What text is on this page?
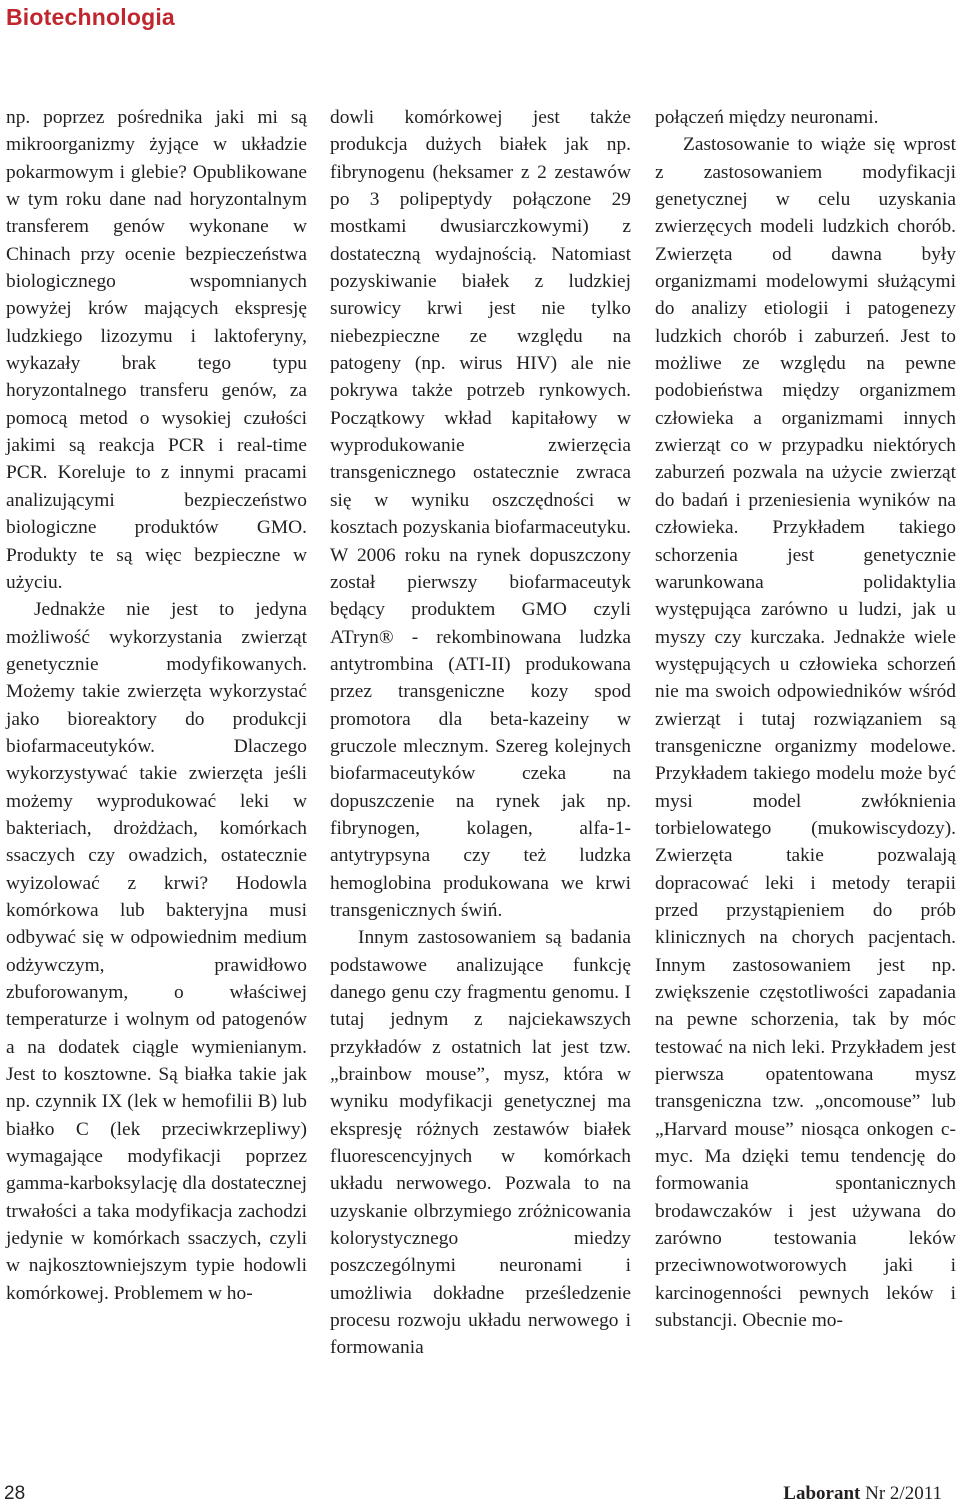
Biotechnologia

np. poprzez pośrednika jaki mi są mikroorganizmy żyjące w układzie pokarmowym i glebie? Opublikowane w tym roku dane nad horyzontalnym transferem genów wykonane w Chinach przy ocenie bezpieczeństwa biologicznego wspomnianych powyżej krów mających ekspresję ludzkiego lizozymu i laktoferyny, wykazały brak tego typu horyzontalnego transferu genów, za pomocą metod o wysokiej czułości jakimi są reakcja PCR i real-time PCR. Koreluje to z innymi pracami analizującymi bezpieczeństwo biologiczne produktów GMO. Produkty te są więc bezpieczne w użyciu.

Jednakże nie jest to jedyna możliwość wykorzystania zwierząt genetycznie modyfikowanych. Możemy takie zwierzęta wykorzystać jako bioreaktory do produkcji biofarmaceutyków. Dlaczego wykorzystywać takie zwierzęta jeśli możemy wyprodukować leki w bakteriach, drożdżach, komórkach ssaczych czy owadzich, ostatecznie wyizolować z krwi? Hodowla komórkowa lub bakteryjna musi odbywać się w odpowiednim medium odżywczym, prawidłowo zbuforowanym, o właściwej temperaturze i wolnym od patogenów a na dodatek ciągle wymienianym. Jest to kosztowne. Są białka takie jak np. czynnik IX (lek w hemofilii B) lub białko C (lek przeciwkrzepliwy) wymagające modyfikacji poprzez gamma-karboksylację dla dostatecznej trwałości a taka modyfikacja zachodzi jedynie w komórkach ssaczych, czyli w najkosztowniejszym typie hodowli komórkowej. Problemem w ho-

dowli komórkowej jest także produkcja dużych białek jak np. fibrynogenu (heksamer z 2 zestawów po 3 polipeptydy połączone 29 mostkami dwusiarczkowymi) z dostateczną wydajnością. Natomiast pozyskiwanie białek z ludzkiej surowicy krwi jest nie tylko niebezpieczne ze względu na patogeny (np. wirus HIV) ale nie pokrywa także potrzeb rynkowych. Początkowy wkład kapitałowy w wyprodukowanie zwierzęcia transgenicznego ostatecznie zwraca się w wyniku oszczędności w kosztach pozyskania biofarmaceutyku. W 2006 roku na rynek dopuszczony został pierwszy biofarmaceutyk będący produktem GMO czyli ATryn® - rekombinowana ludzka antytrombina (ATI-II) produkowana przez transgeniczne kozy spod promotora dla beta-kazeiny w gruczole mlecznym. Szereg kolejnych biofarmaceutyków czeka na dopuszczenie na rynek jak np. fibrynogen, kolagen, alfa-1-antytrypsyna czy też ludzka hemoglobina produkowana we krwi transgenicznych świń.

Innym zastosowaniem są badania podstawowe analizujące funkcję danego genu czy fragmentu genomu. I tutaj jednym z najciekawszych przykładów z ostatnich lat jest tzw. „brainbow mouse”, mysz, która w wyniku modyfikacji genetycznej ma ekspresję różnych zestawów białek fluorescencyjnych w komórkach układu nerwowego. Pozwala to na uzyskanie olbrzymiego zróżnicowania kolorystycznego miedzy poszczególnymi neuronami i umożliwia dokładne prześledzenie procesu rozwoju układu nerwowego i formowania

połączeń między neuronami.

Zastosowanie to wiąże się wprost z zastosowaniem modyfikacji genetycznej w celu uzyskania zwierzęcych modeli ludzkich chorób. Zwierzęta od dawna były organizmami modelowymi służącymi do analizy etiologii i patogenezy ludzkich chorób i zaburzeń. Jest to możliwe ze względu na pewne podobieństwa między organizmem człowieka a organizmami innych zwierząt co w przypadku niektórych zaburzeń pozwala na użycie zwierząt do badań i przeniesienia wyników na człowieka. Przykładem takiego schorzenia jest genetycznie warunkowana polidaktylia występująca zarówno u ludzi, jak u myszy czy kurczaka. Jednakże wiele występujących u człowieka schorzeń nie ma swoich odpowiedników wśród zwierząt i tutaj rozwiązaniem są transgeniczne organizmy modelowe. Przykładem takiego modelu może być mysi model zwłóknienia torbielowatego (mukowiscydozy). Zwierzęta takie pozwalają dopracować leki i metody terapii przed przystąpieniem do prób klinicznych na chorych pacjentach. Innym zastosowaniem jest np. zwiększenie częstotliwości zapadania na pewne schorzenia, tak by móc testować na nich leki. Przykładem jest pierwsza opatentowana mysz transgeniczna tzw. „oncomouse” lub „Harvard mouse” niosąca onkogen c-myc. Ma dzięki temu tendencję do formowania spontanicznych brodawczaków i jest używana do zarówno testowania leków przeciwnowotworowych jaki i karcinogenności pewnych leków i substancji. Obecnie mo-

28	Laborant Nr 2/2011
